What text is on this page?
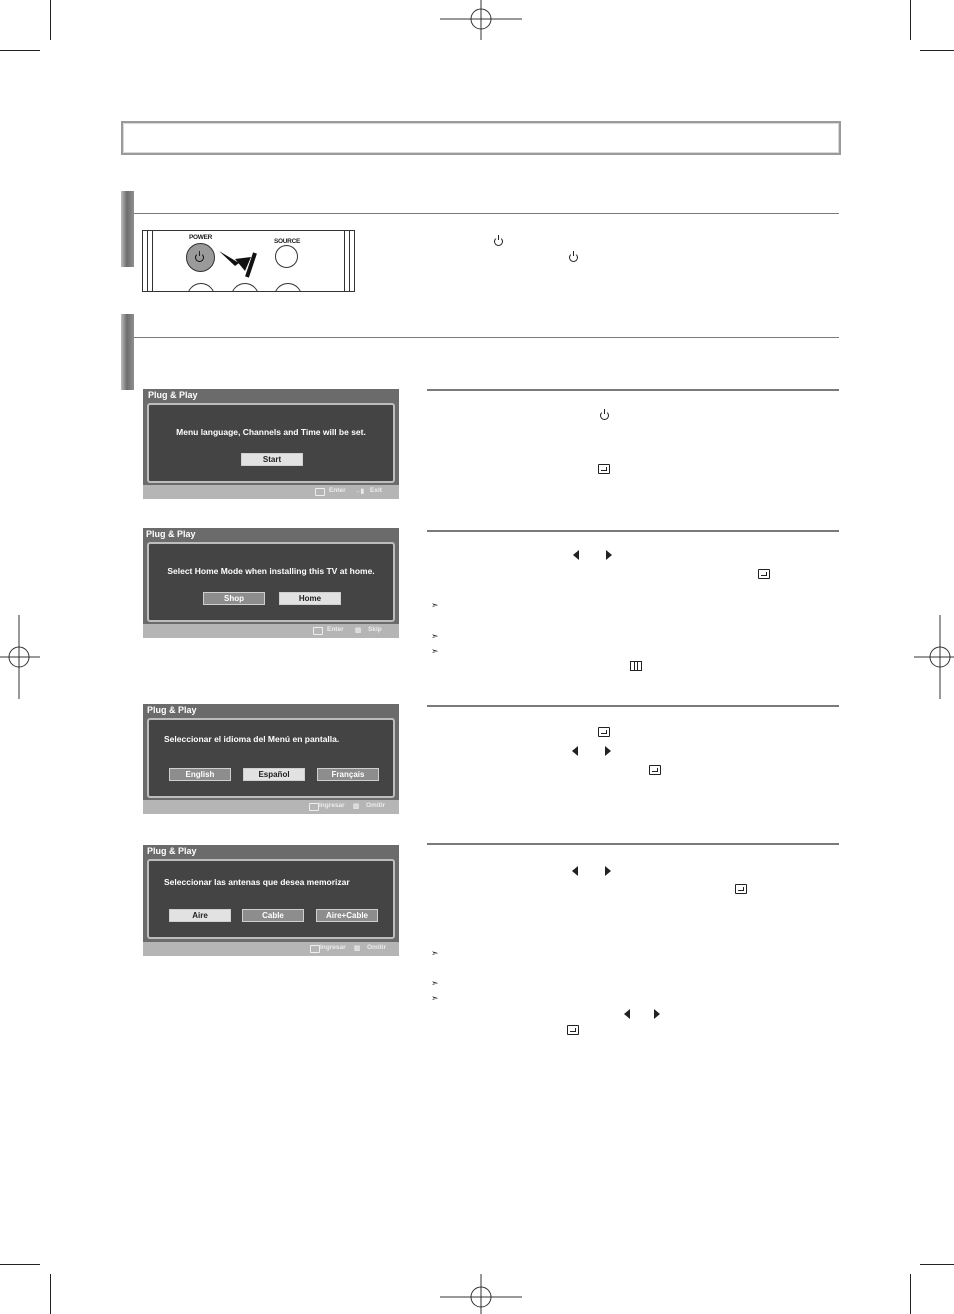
POWER
SOURCE
Plug & Play
Menu language, Channels and Time will be set.
Start
Enter →▮ Exit
Plug & Play
Select Home Mode when installing this TV at home.
Shop	Home
Enter ▥ Skip
Plug & Play
Seleccionar el idioma del Menú en pantalla.
English	Español	Français
Ingresar ▥ Omitir
Plug & Play
Seleccionar las antenas que desea memorizar
Aire	Cable	Aire+Cable
Ingresar ▥ Omitir
➣
➣
➣
➣
➣
➣
